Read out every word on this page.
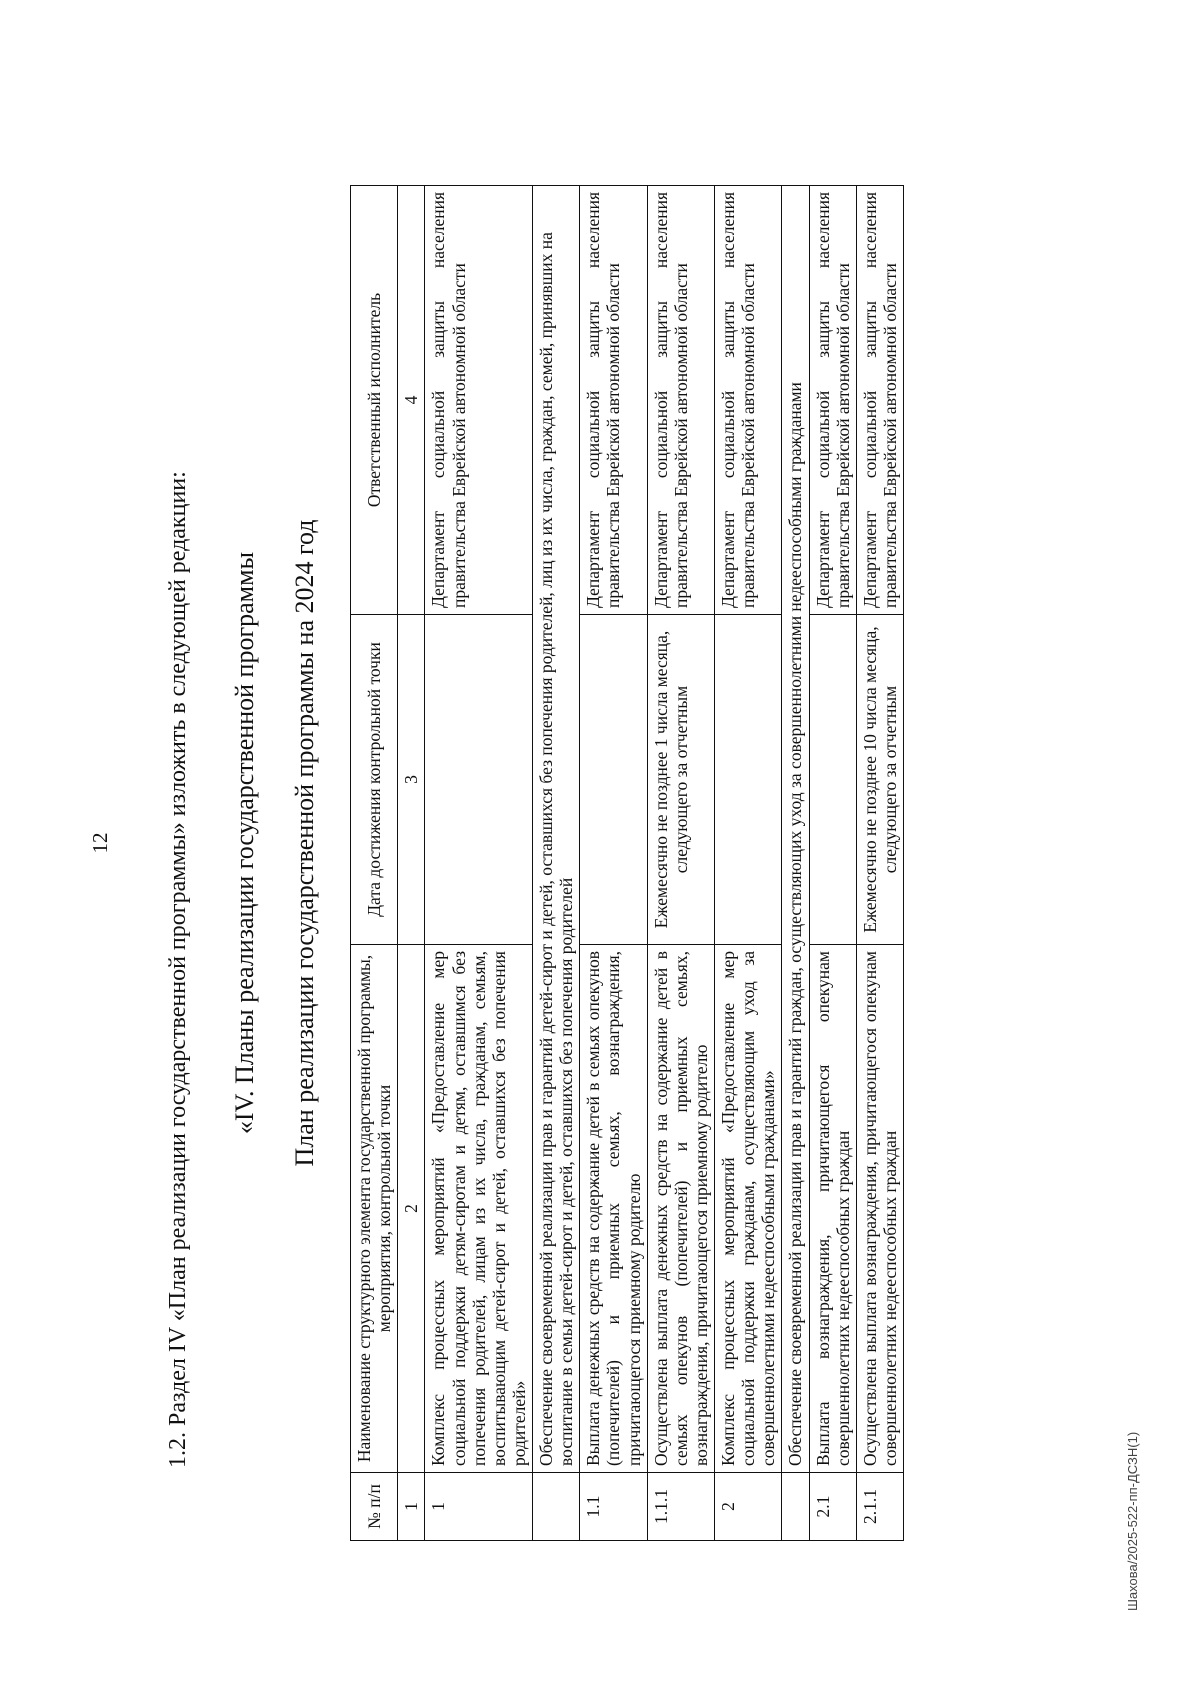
12 1.2. Раздел IV «План реализации государственной программы» изложить в следующей редакции: «IV. Планы реализации государственной программы План реализации государственной программы на 2024 год
№ п/п	Наименование структурного элемента государственной программы, мероприятия, контрольной точки	Дата достижения контрольной точки	Ответственный исполнитель
1	2	3	4
1	Комплекс процессных мероприятий «Предоставление мер социальной поддержки детям-сиротам и детям, оставшимся без попечения родителей, лицам из их числа, гражданам, семьям, воспитывающим детей-сирот и детей, оставшихся без попечения родителей»		Департамент социальной защиты населения правительства Еврейской автономной области
	Обеспечение своевременной реализации прав и гарантий детей-сирот и детей, оставшихся без попечения родителей, лиц из их числа, граждан, семей, принявших на воспитание в семьи детей-сирот и детей, оставшихся без попечения родителей		
1.1	Выплата денежных средств на содержание детей в семьях опекунов (попечителей) и приемных семьях, вознаграждения, причитающегося приемному родителю		Департамент социальной защиты населения правительства Еврейской автономной области
1.1.1	Осуществлена выплата денежных средств на содержание детей в семьях опекунов (попечителей) и приемных семьях, вознаграждения, причитающегося приемному родителю	Ежемесячно не позднее 1 числа месяца, следующего за отчетным	Департамент социальной защиты населения правительства Еврейской автономной области
2	Комплекс процессных мероприятий «Предоставление мер социальной поддержки гражданам, осуществляющим уход за совершеннолетними недееспособными гражданами»		Департамент социальной защиты населения правительства Еврейской автономной области
	Обеспечение своевременной реализации прав и гарантий граждан, осуществляющих уход за совершеннолетними недееспособными гражданами		
2.1	Выплата вознаграждения, причитающегося опекунам совершеннолетних недееспособных граждан		Департамент социальной защиты населения правительства Еврейской автономной области
2.1.1	Осуществлена выплата вознаграждения, причитающегося опекунам совершеннолетних недееспособных граждан	Ежемесячно не позднее 10 числа месяца, следующего за отчетным	Департамент социальной защиты населения правительства Еврейской автономной области
Шахова/2025-522-пп-ДСЗН(1)
